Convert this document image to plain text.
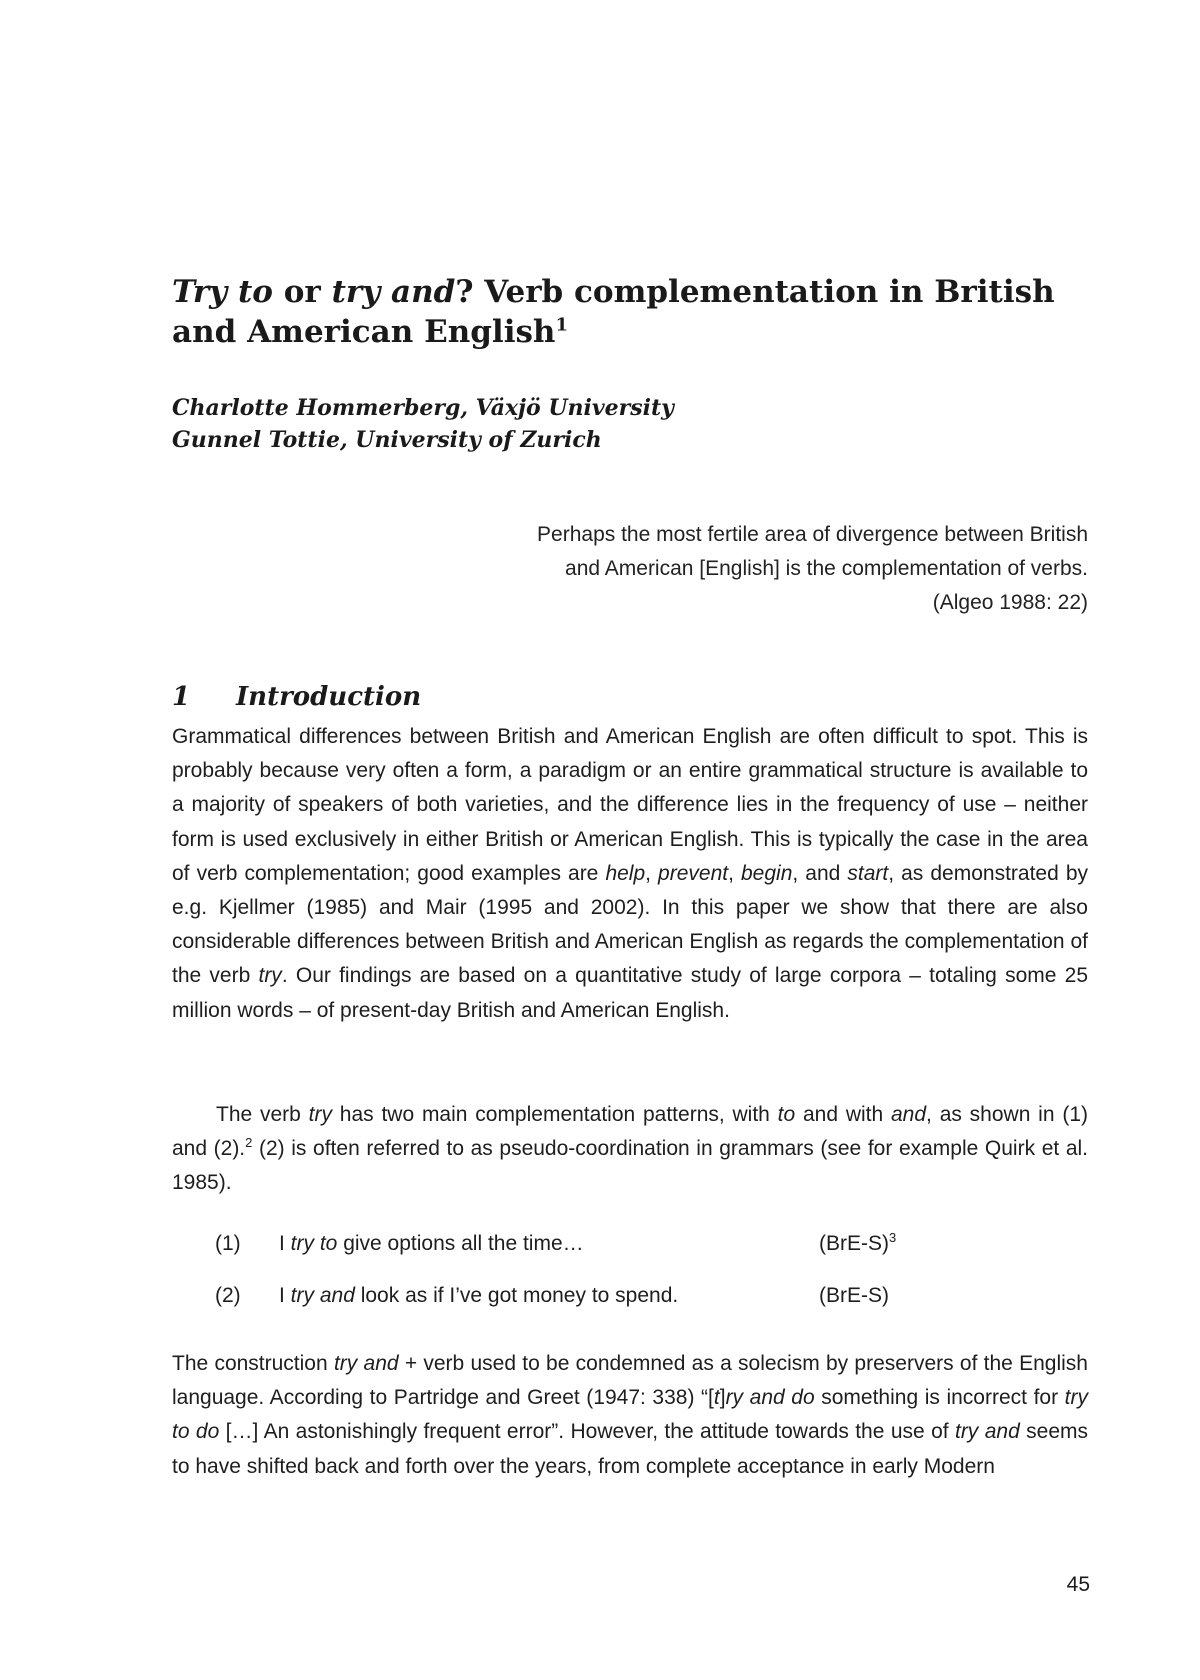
Try to or try and? Verb complementation in British and American English$^1$
Charlotte Hommerberg, Växjö University
Gunnel Tottie, University of Zurich
Perhaps the most fertile area of divergence between British
and American [English] is the complementation of verbs.
(Algeo 1988: 22)
1 Introduction

Grammatical differences between British and American English are often difficult to spot. This is probably because very often a form, a paradigm or an entire grammatical structure is available to a majority of speakers of both varieties, and the difference lies in the frequency of use – neither form is used exclusively in either British or American English. This is typically the case in the area of verb complementation; good examples are help, prevent, begin, and start, as demonstrated by e.g. Kjellmer (1985) and Mair (1995 and 2002). In this paper we show that there are also considerable differences between British and American English as regards the complementation of the verb try. Our findings are based on a quantitative study of large corpora – totaling some 25 million words – of present-day British and American English.

The verb try has two main complementation patterns, with to and with and, as shown in (1) and (2).$^2$ (2) is often referred to as pseudo-coordination in grammars (see for example Quirk et al. 1985).

(1) I try to give options all the time…	$(BrE-S)^3$
(2) I try and look as if I’ve got money to spend.	(BrE-S)

The construction try and + verb used to be condemned as a solecism by preservers of the English language. According to Partridge and Greet (1947: 338) “[t]ry and do something is incorrect for try to do […] An astonishingly frequent error”. However, the attitude towards the use of try and seems to have shifted back and forth over the years, from complete acceptance in early Modern

45
